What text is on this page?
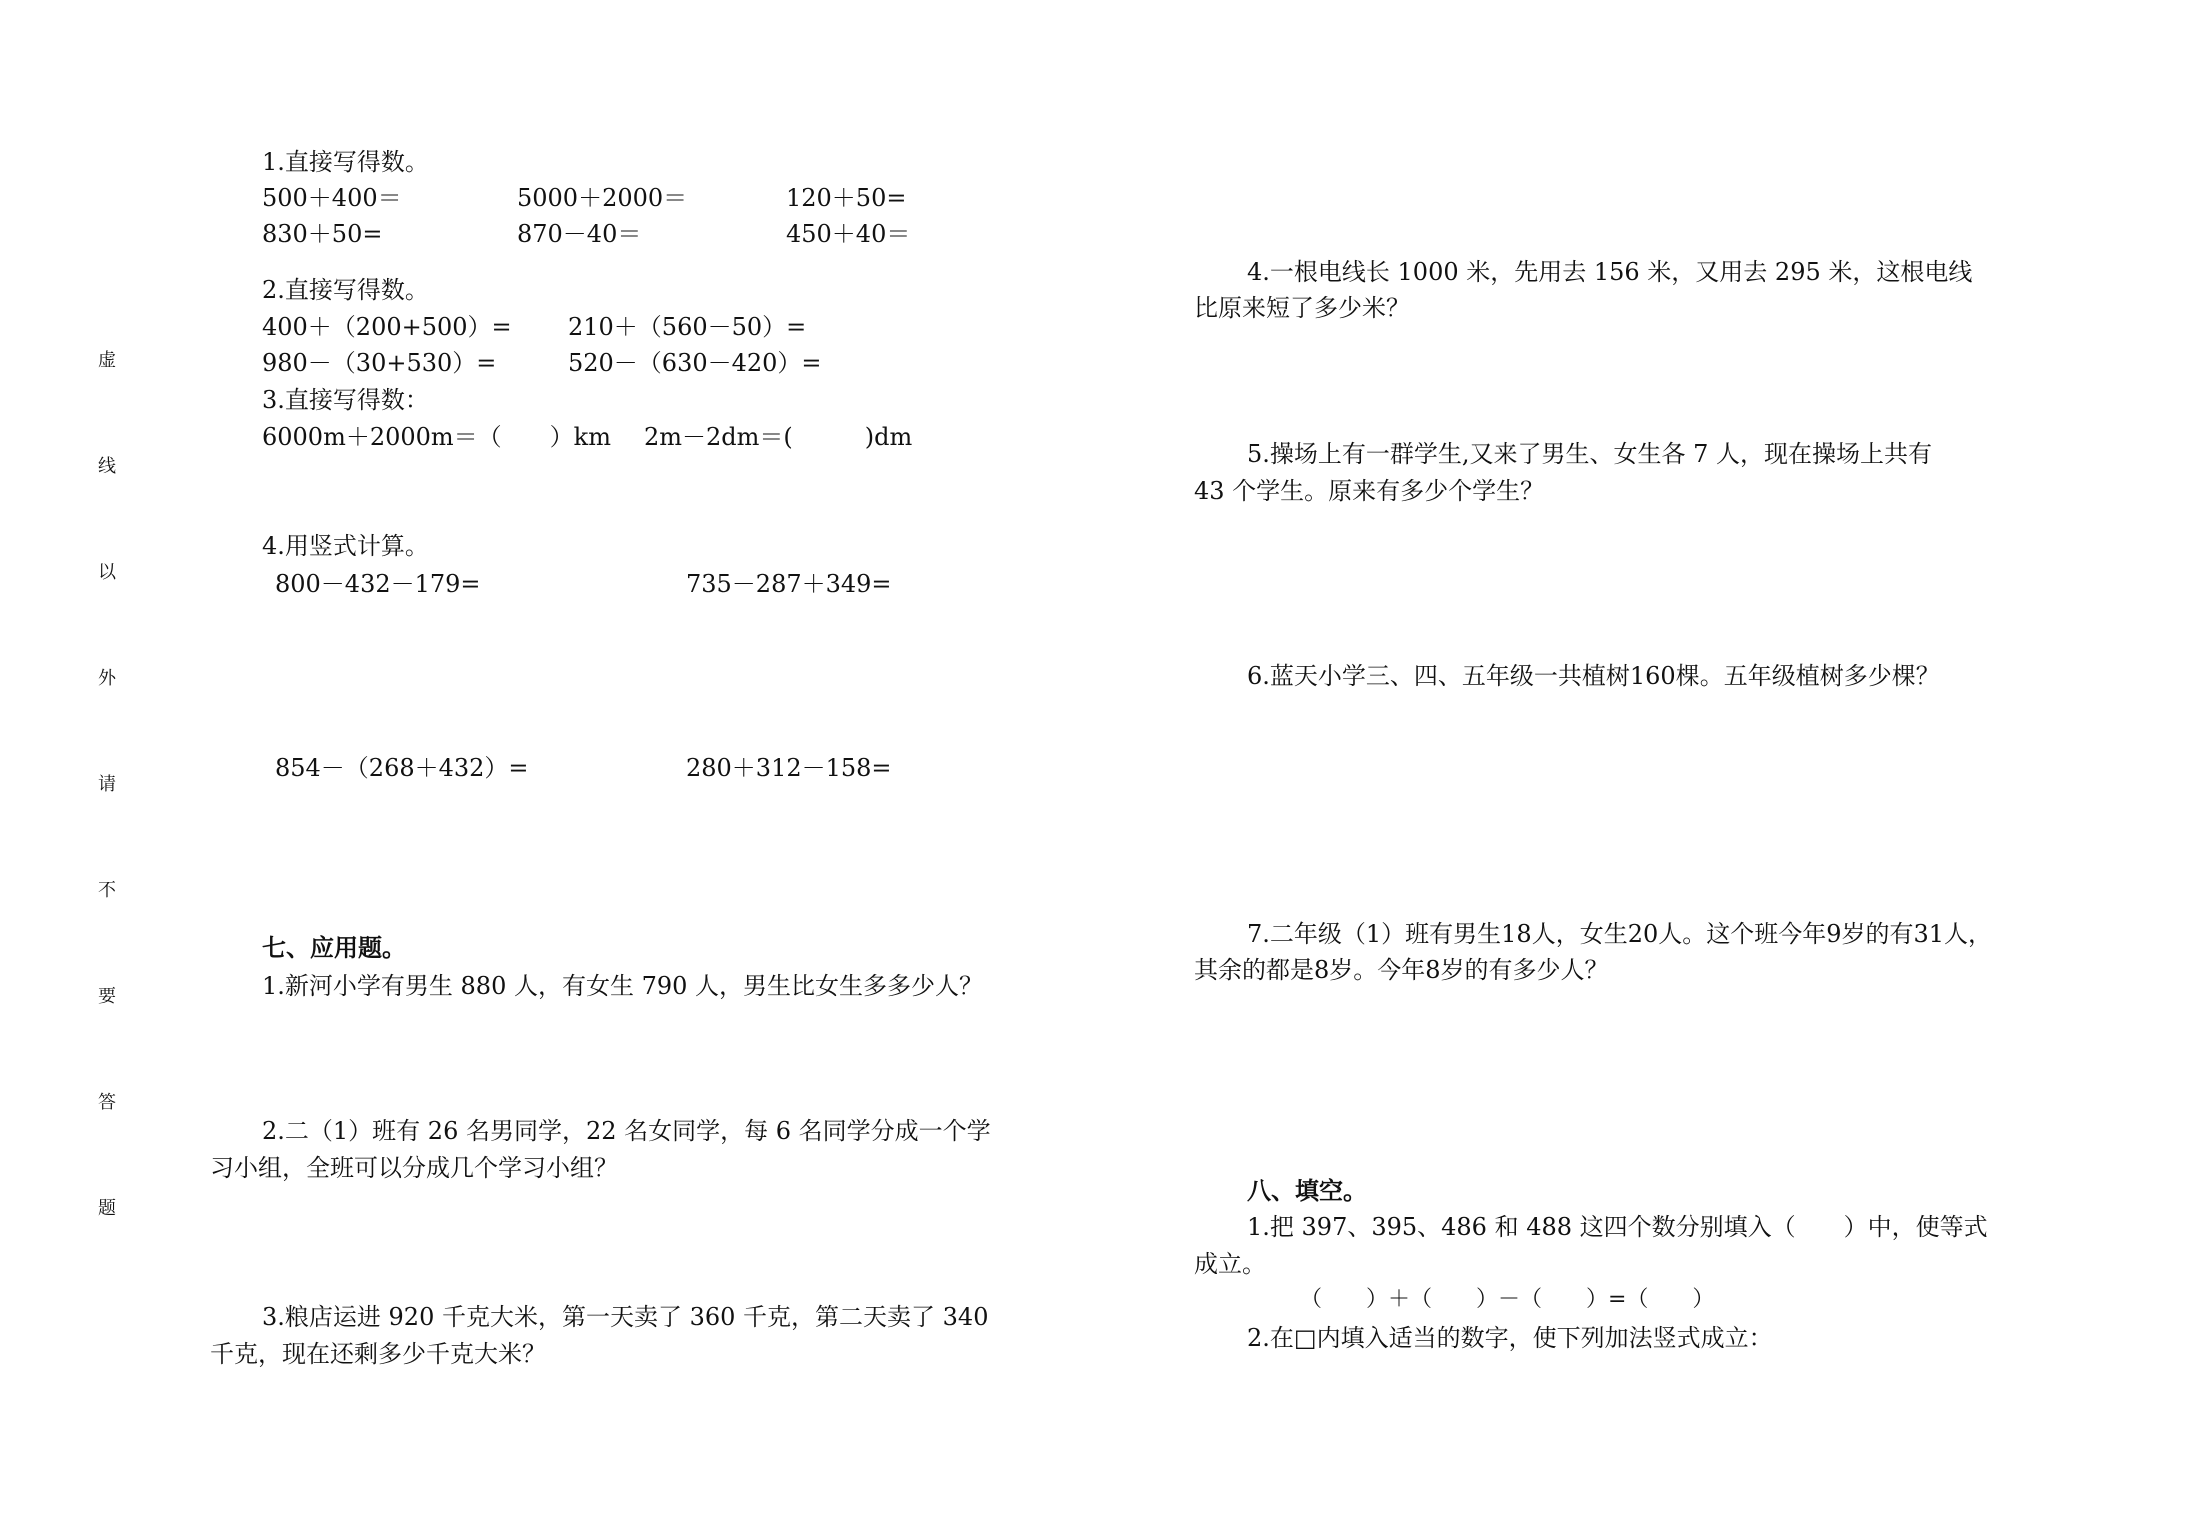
虚
线
以
外
请
不
要
答
题
1.直接写得数。
500＋400＝	5000＋2000＝	120＋50=
830＋50=	870－40＝	450＋40＝
2.直接写得数。
400＋（200+500）= 210＋（560－50）=
980－（30+530）=	520－（630－420）=
3.直接写得数：
6000m＋2000m＝（　　）km 2m－2dm＝(　　　)dm
4.用竖式计算。
800－432－179=	735－287＋349=
854－（268＋432）=	280＋312－158=
七、应用题。
1.新河小学有男生 880 人，有女生 790 人，男生比女生多多少人？
2.二（1）班有 26 名男同学，22 名女同学，每 6 名同学分成一个学
习小组，全班可以分成几个学习小组？
3.粮店运进 920 千克大米，第一天卖了 360 千克，第二天卖了 340
千克，现在还剩多少千克大米？
4.一根电线长 1000 米，先用去 156 米，又用去 295 米，这根电线
比原来短了多少米？
5.操场上有一群学生,又来了男生、女生各 7 人，现在操场上共有
43 个学生。原来有多少个学生？
6.蓝天小学三、四、五年级一共植树160棵。五年级植树多少棵？
7.二年级（1）班有男生18人，女生20人。这个班今年9岁的有31人，
其余的都是8岁。今年8岁的有多少人？
八、填空。
1.把 397、395、486 和 488 这四个数分别填入（　　）中，使等式
成立。
（　　）＋（　　）－（　　）=（　　）
2.在□内填入适当的数字，使下列加法竖式成立：
